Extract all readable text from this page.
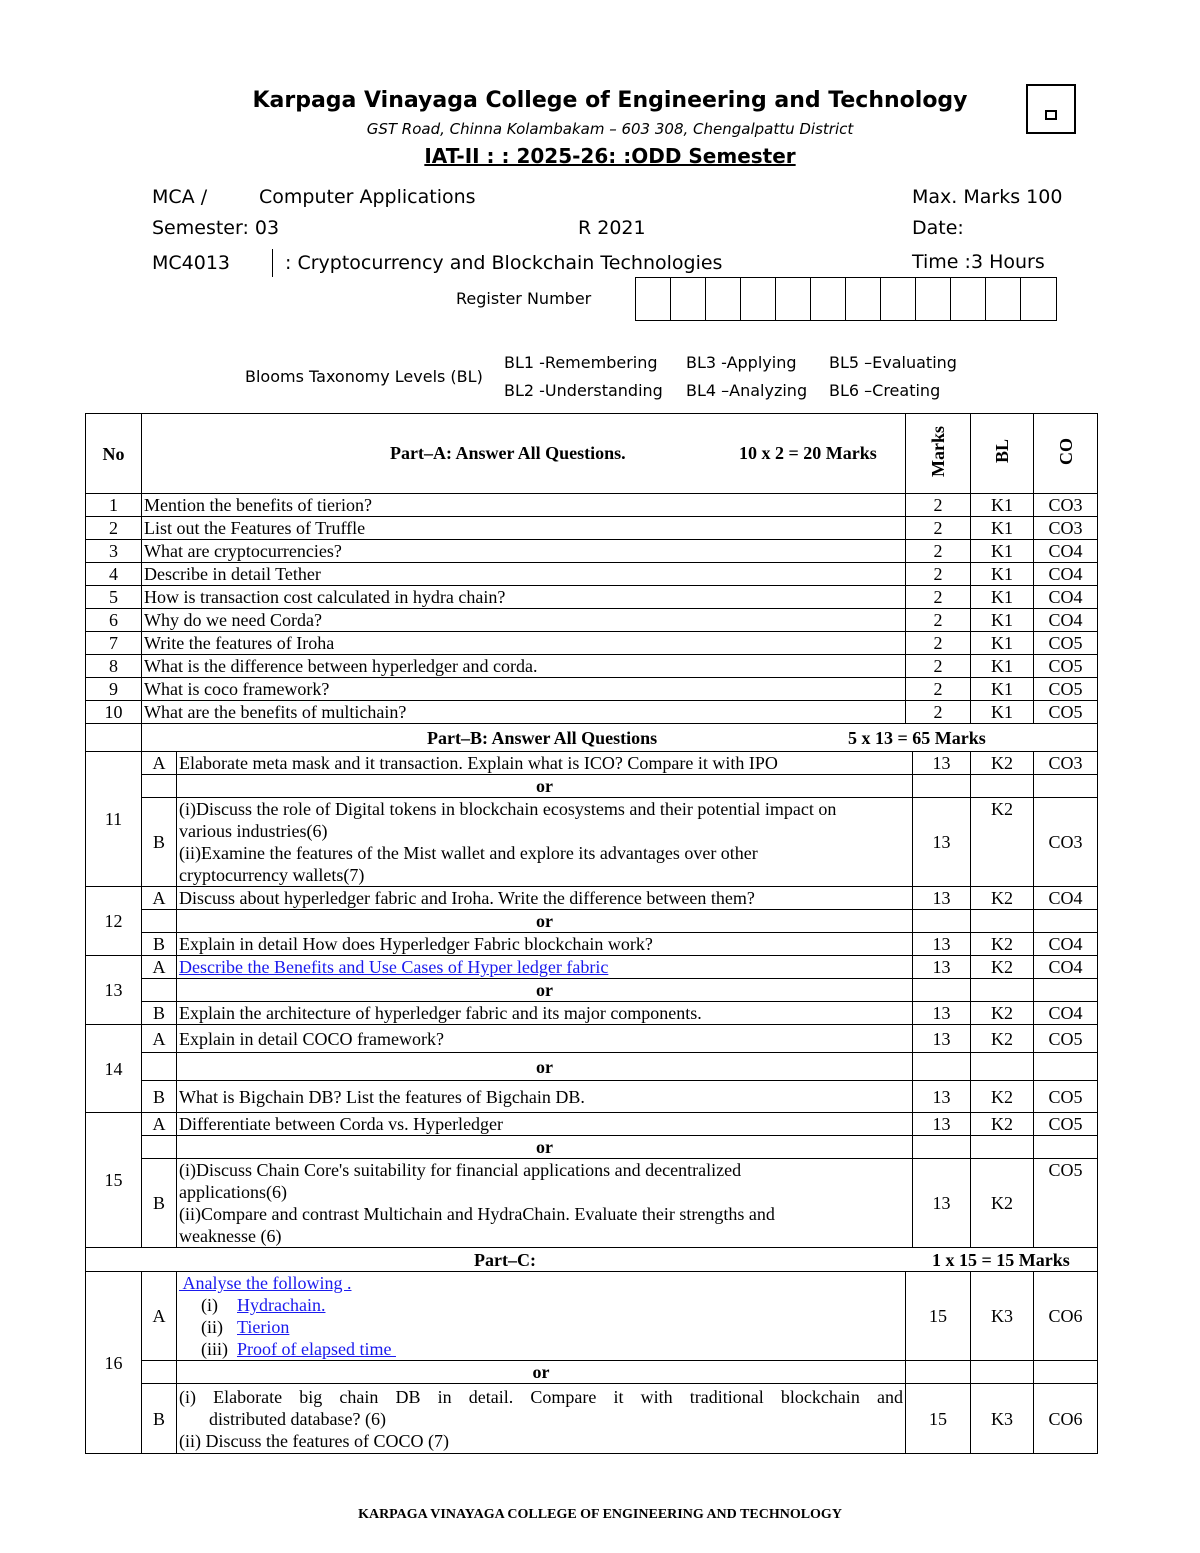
Karpaga Vinayaga College of Engineering and Technology
GST Road, Chinna Kolambakam – 603 308, Chengalpattu District
IAT-II : : 2025-26: :ODD Semester
MCA /	Computer Applications	Max. Marks 100
Semester: 03	R 2021	Date:
MC4013	: Cryptocurrency and Blockchain Technologies	Time :3 Hours
Register Number
Blooms Taxonomy Levels (BL)
BL1 -Remembering
BL2 -Understanding
BL3 -Applying
BL4 –Analyzing
BL5 –Evaluating
BL6 –Creating
No	Part–A: Answer All Questions. 10 x 2 = 20 Marks		Marks		BL	CO
1	Mention the benefits of tierion?		2		K1	CO3
2	List out the Features of Truffle		2		K1	CO3
3	What are cryptocurrencies?		2		K1	CO4
4	Describe in detail Tether		2		K1	CO4
5	How is transaction cost calculated in hydra chain?		2		K1	CO4
6	Why do we need Corda?		2		K1	CO4
7	Write the features of Iroha		2		K1	CO5
8	What is the difference between hyperledger and corda.		2		K1	CO5
9	What is coco framework?		2		K1	CO5
10	What are the benefits of multichain?		2		K1	CO5

	Part–B: Answer All Questions 5 x 13 = 65 Marks					

11	A	Elaborate meta mask and it transaction. Explain what is ICO? Compare it with IPO		13	K2	CO3
		or				
	B	(i)Discuss the role of Digital tokens in blockchain ecosystems and their potential impact on
various industries(6)
(ii)Examine the features of the Mist wallet and explore its advantages over other
cryptocurrency wallets(7)		13	K2	CO3
12	A	Discuss about hyperledger fabric and Iroha. Write the difference between them?		13	K2	CO4
		or				
	B	Explain in detail How does Hyperledger Fabric blockchain work?		13	K2	CO4
13	A	Describe the Benefits and Use Cases of Hyper ledger fabric		13	K2	CO4
		or				
	B	Explain the architecture of hyperledger fabric and its major components.		13	K2	CO4
14	A	Explain in detail COCO framework?		13	K2	CO5
		or				
	B	What is Bigchain DB? List the features of Bigchain DB.		13	K2	CO5
15	A	Differentiate between Corda vs. Hyperledger		13	K2	CO5
		or				
	B	(i)Discuss Chain Core's suitability for financial applications and decentralized
applications(6)
(ii)Compare and contrast Multichain and HydraChain. Evaluate their strengths and
weaknesse (6)		13	K2	CO5

Part–C: 1 x 15 = 15 Marks						

16	A	Analyse the following .
(i) Hydrachain.
(ii) Tierion
(iii) Proof of elapsed time	15		K3	CO6
		or				
	B	(i) Elaborate big chain DB in detail. Compare it with traditional blockchain and
distributed database? (6)
(ii) Discuss the features of COCO (7)	15		K3	CO6
KARPAGA VINAYAGA COLLEGE OF ENGINEERING AND TECHNOLOGY
